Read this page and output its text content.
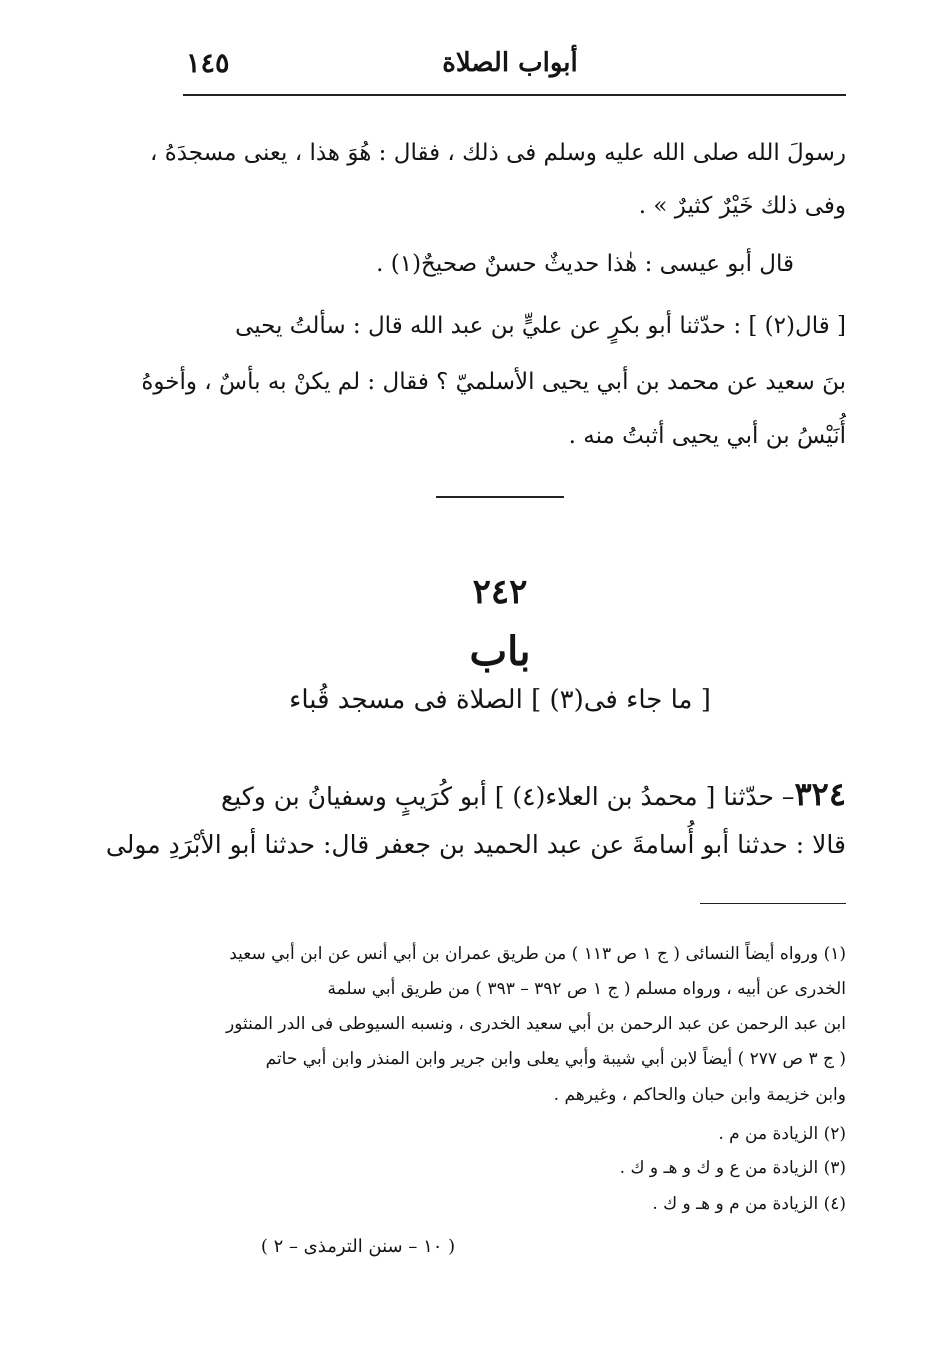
١٤٥	أبواب الصلاة
رسولَ الله صلى الله عليه وسلم فى ذلك ، فقال : هُوَ هذا ، يعنى مسجدَهُ ،
وفى ذلك خَيْرٌ كثيرٌ » .
قال أبو عيسى : هٰذا حديثٌ حسنٌ صحيحٌ(١) .
[ قال(٢) ] : حدّثنا أبو بكرٍ عن عليٍّ بن عبد الله قال : سألتُ يحيى
بنَ سعيد عن محمد بن أبي يحيى الأسلميّ ؟ فقال : لم يكنْ به بأسٌ ، وأخوهُ
أُنَيْسُ بن أبي يحيى أثبتُ منه .
٢٤٢
باب
[ ما جاء فى(٣) ] الصلاة فى مسجد قُباء
٣٢٤– حدّثنا [ محمدُ بن العلاء(٤) ] أبو كُرَيبٍ وسفيانُ بن وكيع
قالا : حدثنا أبو أُسامةَ عن عبد الحميد بن جعفر قال: حدثنا أبو الأبْرَدِ مولى
(١) ورواه أيضاً النسائى ( ج ١ ص ١١٣ ) من طريق عمران بن أبي أنس عن ابن أبي سعيد
الخدرى عن أبيه ، ورواه مسلم ( ج ١ ص ٣٩٢ – ٣٩٣ ) من طريق أبي سلمة
ابن عبد الرحمن عن عبد الرحمن بن أبي سعيد الخدرى ، ونسبه السيوطى فى الدر المنثور
( ج ٣ ص ٢٧٧ ) أيضاً لابن أبي شيبة وأبي يعلى وابن جرير وابن المنذر وابن أبي حاتم
وابن خزيمة وابن حبان والحاكم ، وغيرهم .
(٢) الزيادة من م .
(٣) الزيادة من ع و ك و هـ و ك .
(٤) الزيادة من م و هـ و ك .
( ١٠ – سنن الترمذى – ٢ )
